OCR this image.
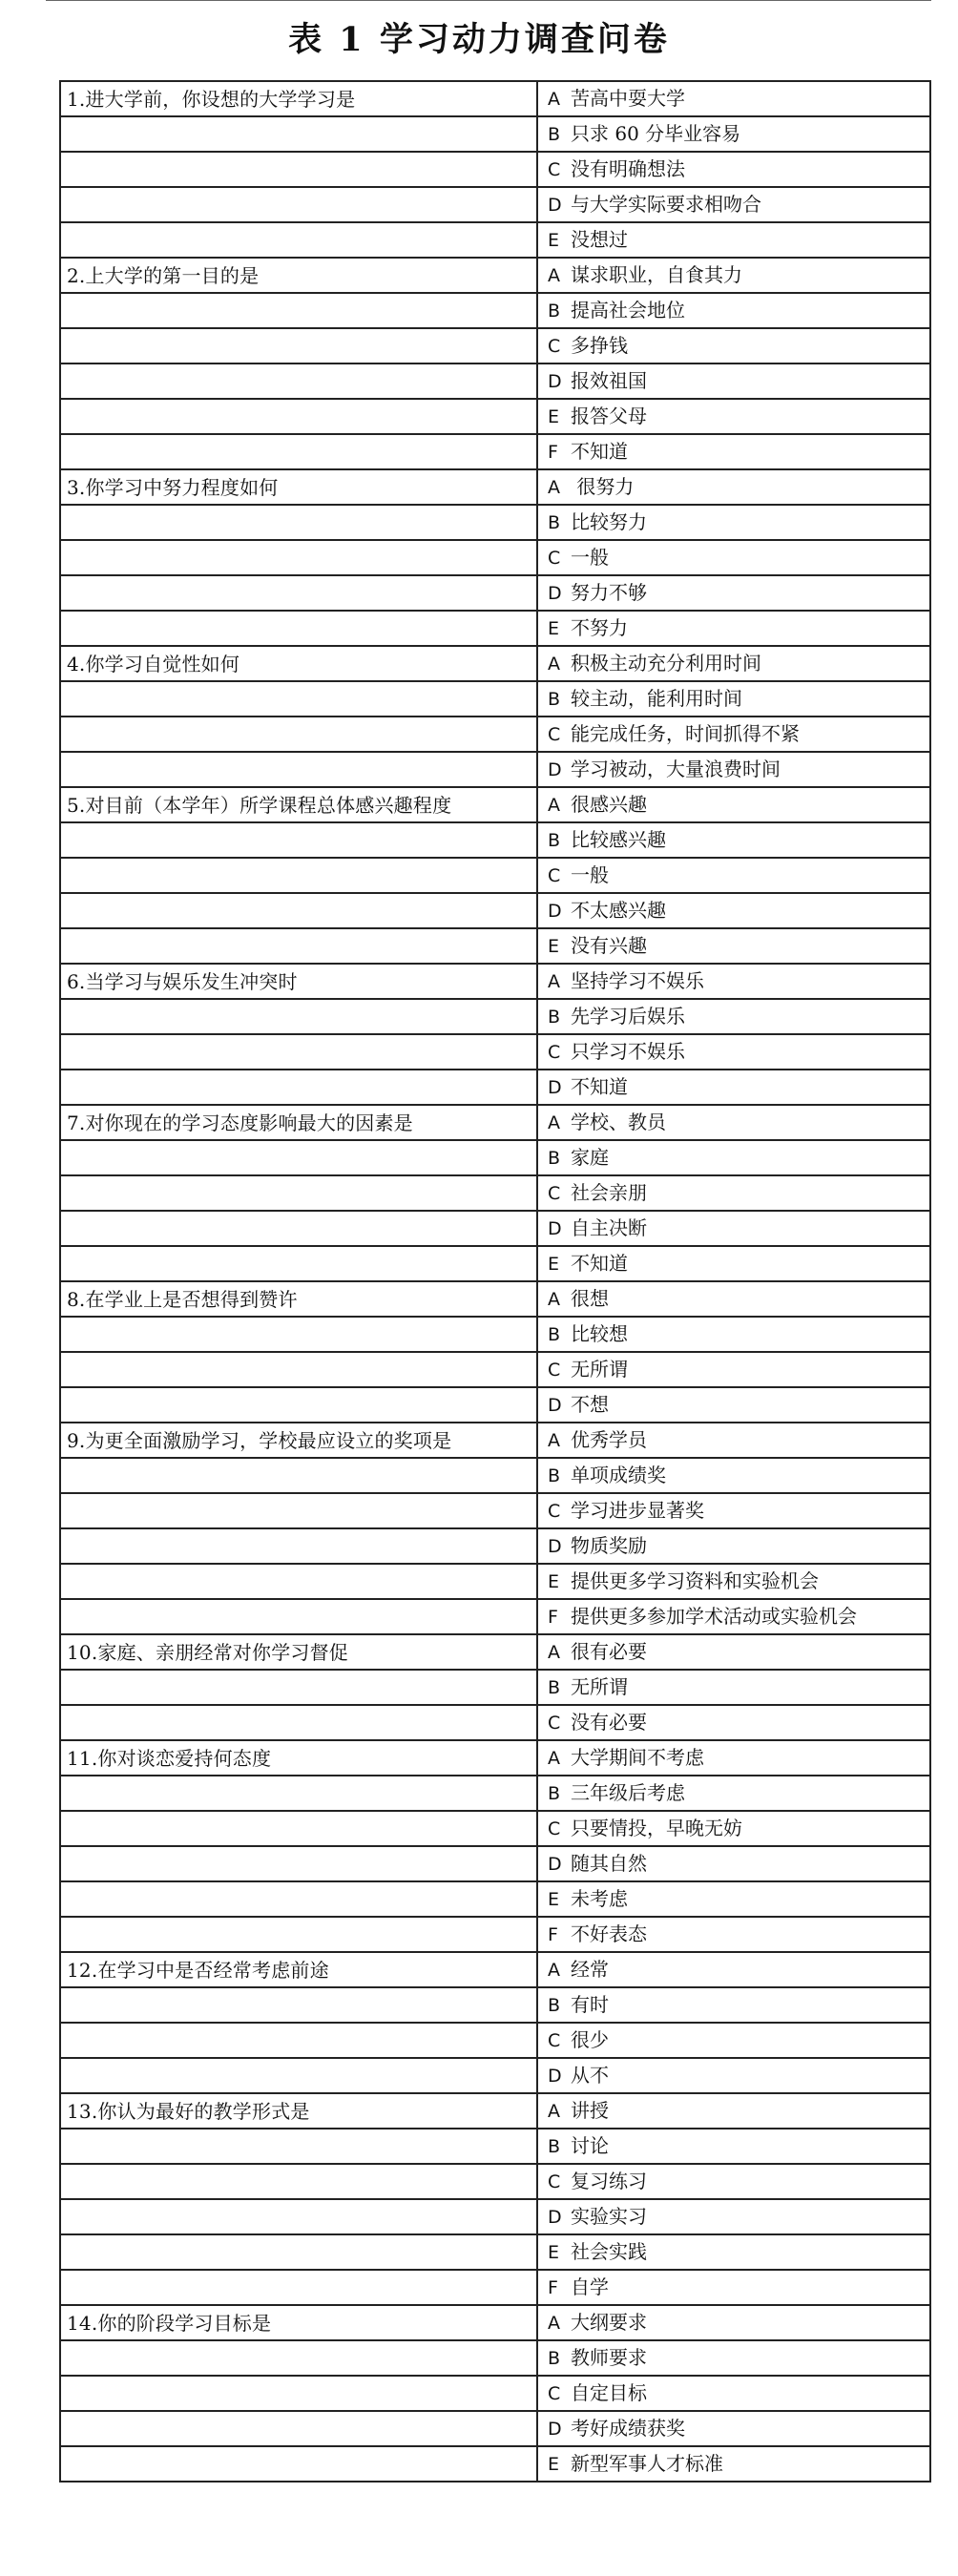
表 1 学习动力调查问卷
1.进大学前，你设想的大学学习是	A 苦高中耍大学
	B 只求 60 分毕业容易
	C 没有明确想法
	D 与大学实际要求相吻合
	E 没想过
2.上大学的第一目的是	A 谋求职业，自食其力
	B 提高社会地位
	C 多挣钱
	D 报效祖国
	E 报答父母
	F 不知道
3.你学习中努力程度如何	A 很努力
	B 比较努力
	C 一般
	D 努力不够
	E 不努力
4.你学习自觉性如何	A 积极主动充分利用时间
	B 较主动，能利用时间
	C 能完成任务，时间抓得不紧
	D 学习被动，大量浪费时间
5.对目前（本学年）所学课程总体感兴趣程度	A 很感兴趣
	B 比较感兴趣
	C 一般
	D 不太感兴趣
	E 没有兴趣
6.当学习与娱乐发生冲突时	A 坚持学习不娱乐
	B 先学习后娱乐
	C 只学习不娱乐
	D 不知道
7.对你现在的学习态度影响最大的因素是	A 学校、教员
	B 家庭
	C 社会亲朋
	D 自主决断
	E 不知道
8.在学业上是否想得到赞许	A 很想
	B 比较想
	C 无所谓
	D 不想
9.为更全面激励学习，学校最应设立的奖项是	A 优秀学员
	B 单项成绩奖
	C 学习进步显著奖
	D 物质奖励
	E 提供更多学习资料和实验机会
	F 提供更多参加学术活动或实验机会
10.家庭、亲朋经常对你学习督促	A 很有必要
	B 无所谓
	C 没有必要
11.你对谈恋爱持何态度	A 大学期间不考虑
	B 三年级后考虑
	C 只要情投，早晚无妨
	D 随其自然
	E 未考虑
	F 不好表态
12.在学习中是否经常考虑前途	A 经常
	B 有时
	C 很少
	D 从不
13.你认为最好的教学形式是	A 讲授
	B 讨论
	C 复习练习
	D 实验实习
	E 社会实践
	F 自学
14.你的阶段学习目标是	A 大纲要求
	B 教师要求
	C 自定目标
	D 考好成绩获奖
	E 新型军事人才标准
